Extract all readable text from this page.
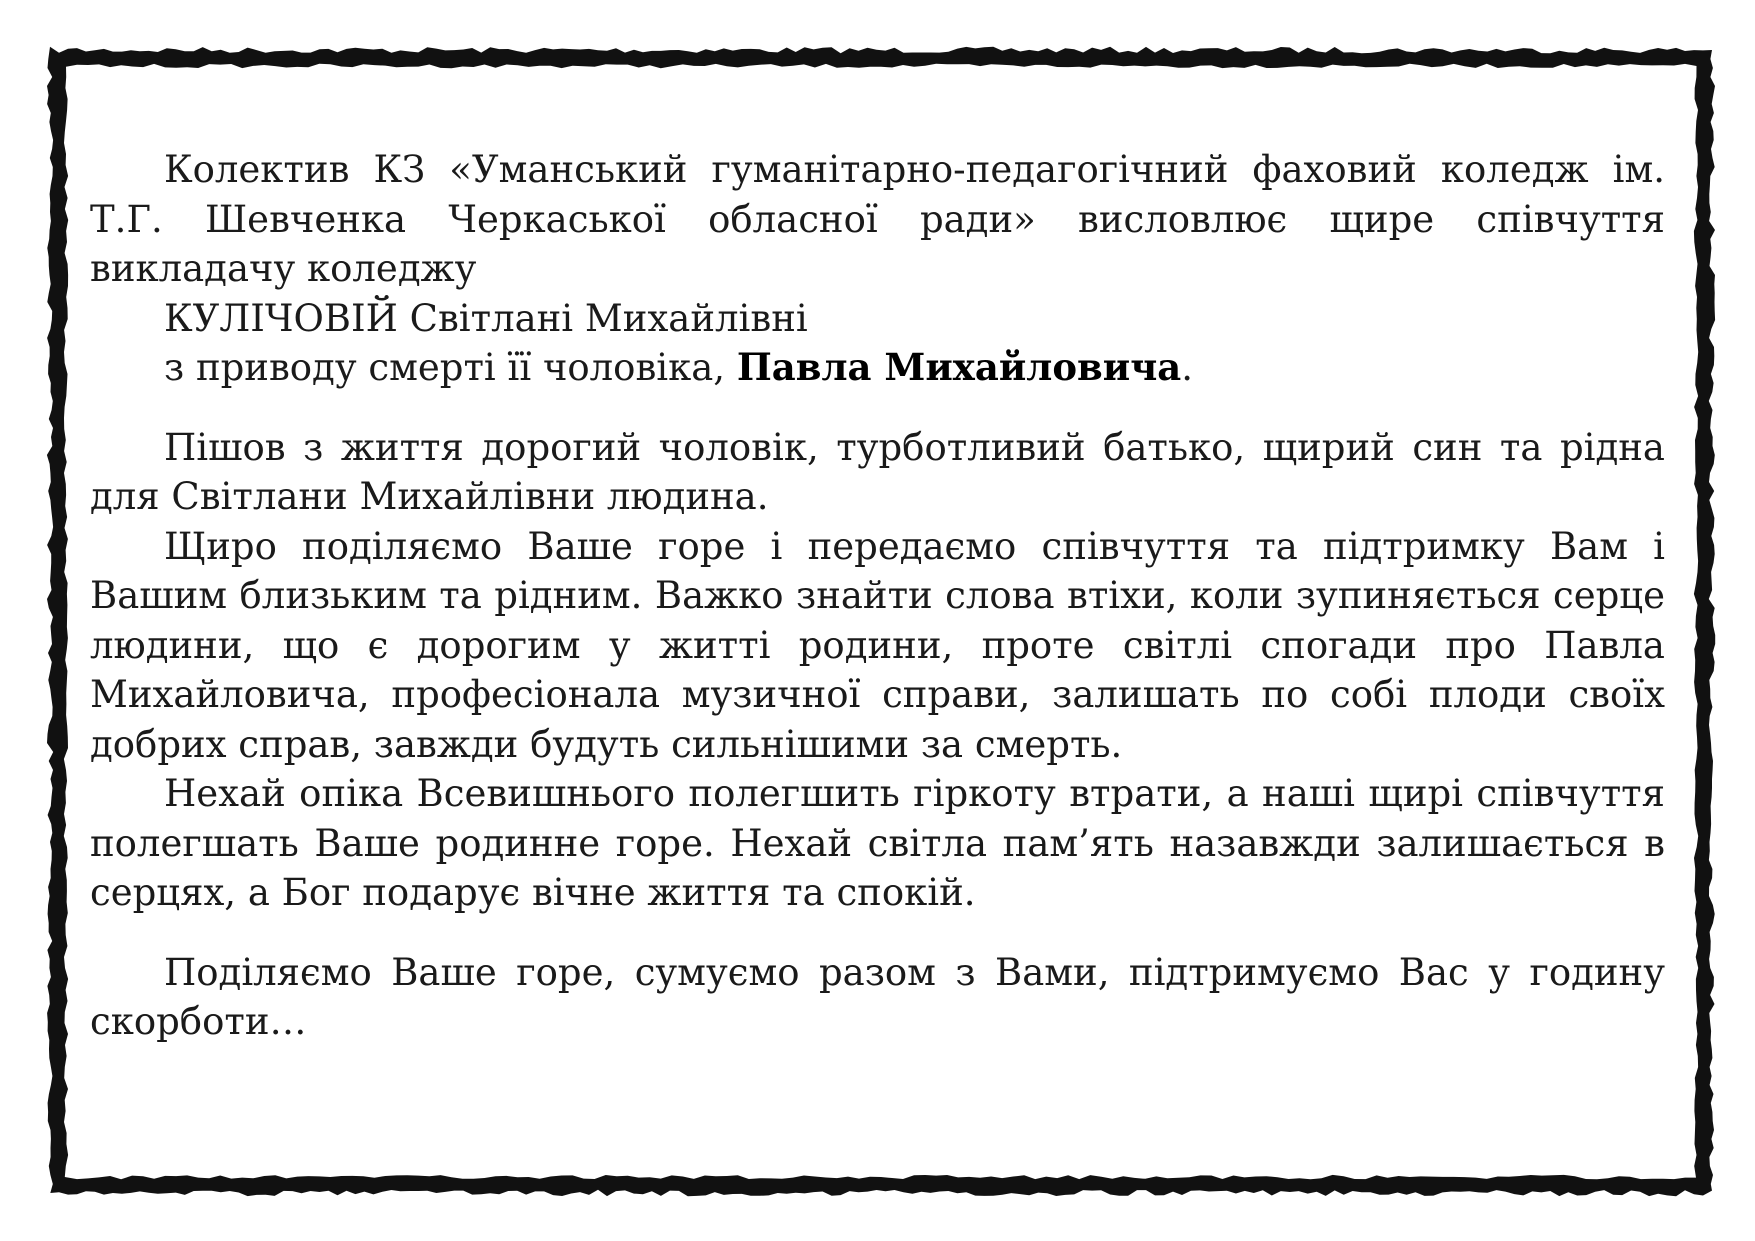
Колектив КЗ «Уманський гуманітарно-педагогічний фаховий коледж ім. Т.Г. Шевченка Черкаської обласної ради» висловлює щире співчуття викладачу коледжу

КУЛІЧОВІЙ Світлані Михайлівні

з приводу смерті її чоловіка, Павла Михайловича.

Пішов з життя дорогий чоловік, турботливий батько, щирий син та рідна для Світлани Михайлівни людина.

Щиро поділяємо Ваше горе і передаємо співчуття та підтримку Вам і Вашим близьким та рідним. Важко знайти слова втіхи, коли зупиняється серце людини, що є дорогим у житті родини, проте світлі спогади про Павла Михайловича, професіонала музичної справи, залишать по собі плоди своїх добрих справ, завжди будуть сильнішими за смерть.

Нехай опіка Всевишнього полегшить гіркоту втрати, а наші щирі співчуття полегшать Ваше родинне горе. Нехай світла пам’ять назавжди залишається в серцях, а Бог подарує вічне життя та спокій.

Поділяємо Ваше горе, сумуємо разом з Вами, підтримуємо Вас у годину скорботи…
